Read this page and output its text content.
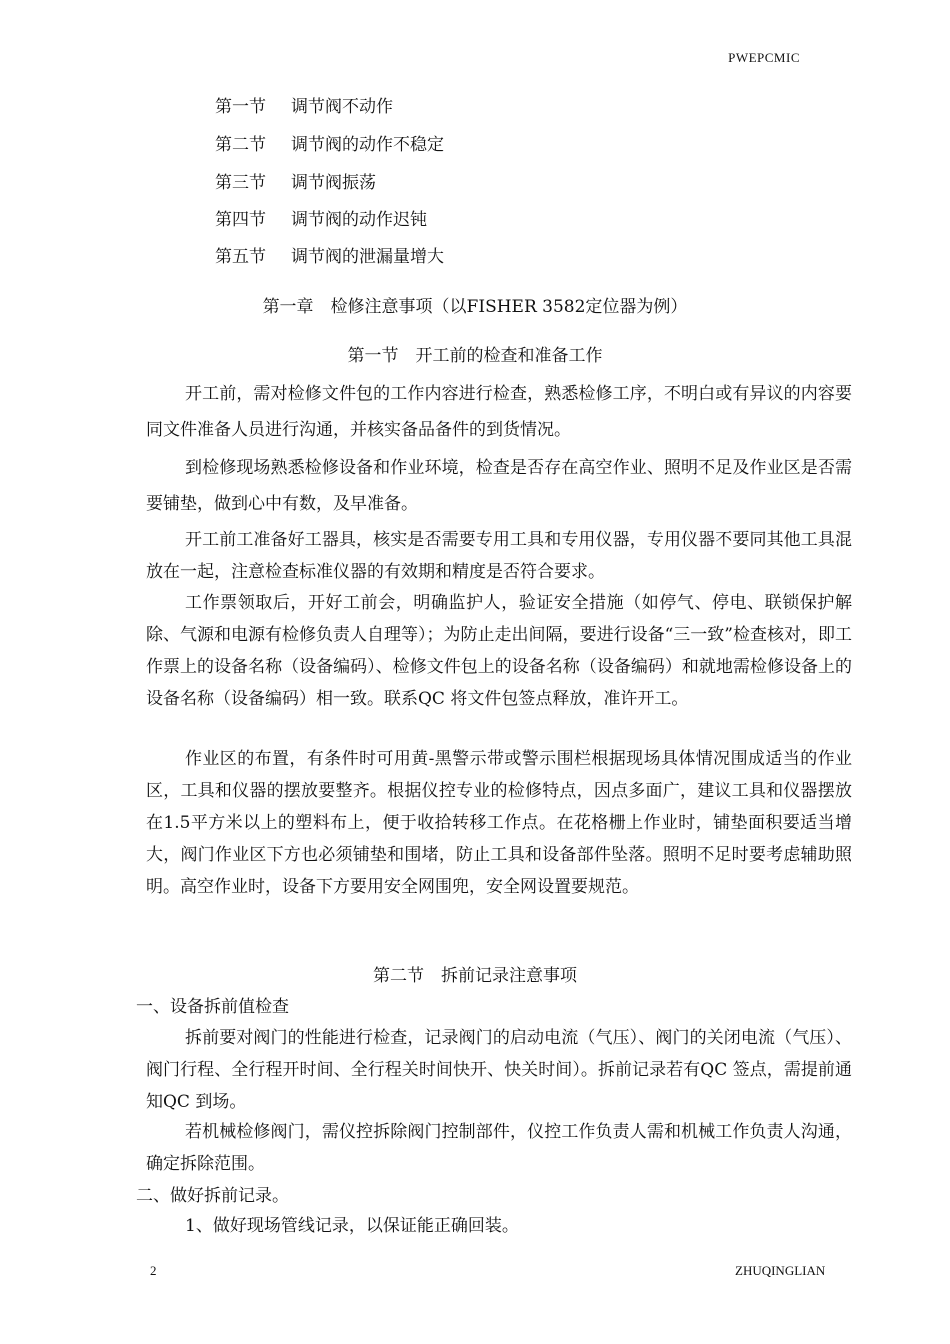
PWEPCMIC
第一节 调节阀不动作
第二节 调节阀的动作不稳定
第三节 调节阀振荡
第四节 调节阀的动作迟钝
第五节 调节阀的泄漏量增大
第一章　检修注意事项（以FISHER 3582定位器为例）
第一节　开工前的检查和准备工作
开工前，需对检修文件包的工作内容进行检查，熟悉检修工序，不明白或有异议的内容要同文件准备人员进行沟通，并核实备品备件的到货情况。
到检修现场熟悉检修设备和作业环境，检查是否存在高空作业、照明不足及作业区是否需要铺垫，做到心中有数，及早准备。
开工前工准备好工器具，核实是否需要专用工具和专用仪器，专用仪器不要同其他工具混放在一起，注意检查标准仪器的有效期和精度是否符合要求。
工作票领取后，开好工前会，明确监护人，验证安全措施（如停气、停电、联锁保护解除、气源和电源有检修负责人自理等）；为防止走出间隔，要进行设备“三一致”检查核对，即工作票上的设备名称（设备编码）、检修文件包上的设备名称（设备编码）和就地需检修设备上的设备名称（设备编码）相一致。联系QC 将文件包签点释放，准许开工。
作业区的布置，有条件时可用黄-黑警示带或警示围栏根据现场具体情况围成适当的作业区，工具和仪器的摆放要整齐。根据仪控专业的检修特点，因点多面广，建议工具和仪器摆放在1.5平方米以上的塑料布上，便于收拾转移工作点。在花格栅上作业时，铺垫面积要适当增大，阀门作业区下方也必须铺垫和围堵，防止工具和设备部件坠落。照明不足时要考虑辅助照明。高空作业时，设备下方要用安全网围兜，安全网设置要规范。
第二节　拆前记录注意事项
一、设备拆前值检查
拆前要对阀门的性能进行检查，记录阀门的启动电流（气压）、阀门的关闭电流（气压）、阀门行程、全行程开时间、全行程关时间快开、快关时间）。拆前记录若有QC 签点，需提前通知QC 到场。
若机械检修阀门，需仪控拆除阀门控制部件，仪控工作负责人需和机械工作负责人沟通，确定拆除范围。
二、做好拆前记录。
1、做好现场管线记录，以保证能正确回装。
2	ZHUQINGLIAN
